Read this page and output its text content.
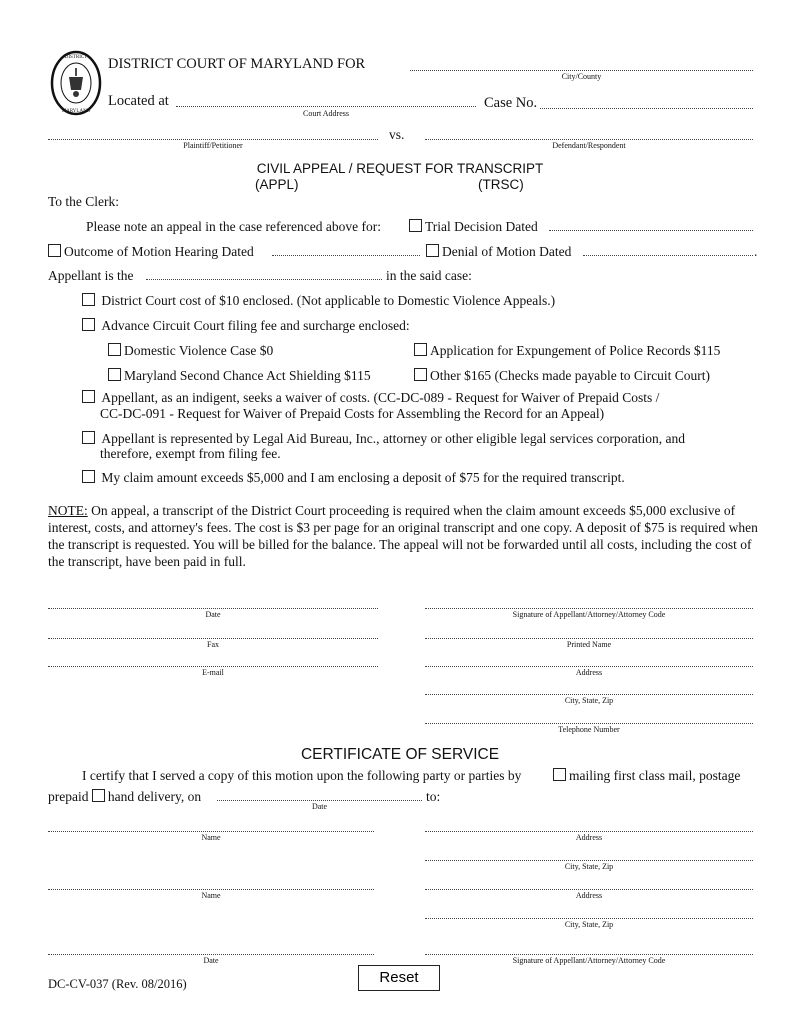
DISTRICT
MARYLAND
DISTRICT COURT OF MARYLAND FOR
City/County
Located at
Court Address
Case No.
vs.
Plaintiff/Petitioner	Defendant/Respondent
CIVIL APPEAL / REQUEST FOR TRANSCRIPT
(APPL)	(TRSC)
To the Clerk:
Please note an appeal in the case referenced above for:	Trial Decision Dated
Outcome of Motion Hearing Dated	Denial of Motion Dated	.
Appellant is the	in the said case:
District Court cost of $10 enclosed. (Not applicable to Domestic Violence Appeals.)
Advance Circuit Court filing fee and surcharge enclosed:
Domestic Violence Case $0	Application for Expungement of Police Records $115
Maryland Second Chance Act Shielding $115	Other $165 (Checks made payable to Circuit Court)
Appellant, as an indigent, seeks a waiver of costs. (CC-DC-089 - Request for Waiver of Prepaid Costs /
CC-DC-091 - Request for Waiver of Prepaid Costs for Assembling the Record for an Appeal)
Appellant is represented by Legal Aid Bureau, Inc., attorney or other eligible legal services corporation, and
therefore, exempt from filing fee.
My claim amount exceeds $5,000 and I am enclosing a deposit of $75 for the required transcript.
NOTE: On appeal, a transcript of the District Court proceeding is required when the claim amount exceeds $5,000 exclusive of interest, costs, and attorney's fees. The cost is $3 per page for an original transcript and one copy. A deposit of $75 is required when the transcript is requested. You will be billed for the balance. The appeal will not be forwarded until all costs, including the cost of the transcript, have been paid in full.
Date	Signature of Appellant/Attorney/Attorney Code
Fax	Printed Name
E-mail	Address
City, State, Zip
Telephone Number
CERTIFICATE OF SERVICE
I certify that I served a copy of this motion upon the following party or parties by	mailing first class mail, postage
prepaid hand delivery, on
Date
to:
Name	Address
City, State, Zip
Name	Address
City, State, Zip
Date	Signature of Appellant/Attorney/Attorney Code
DC-CV-037 (Rev. 08/2016)	Reset
